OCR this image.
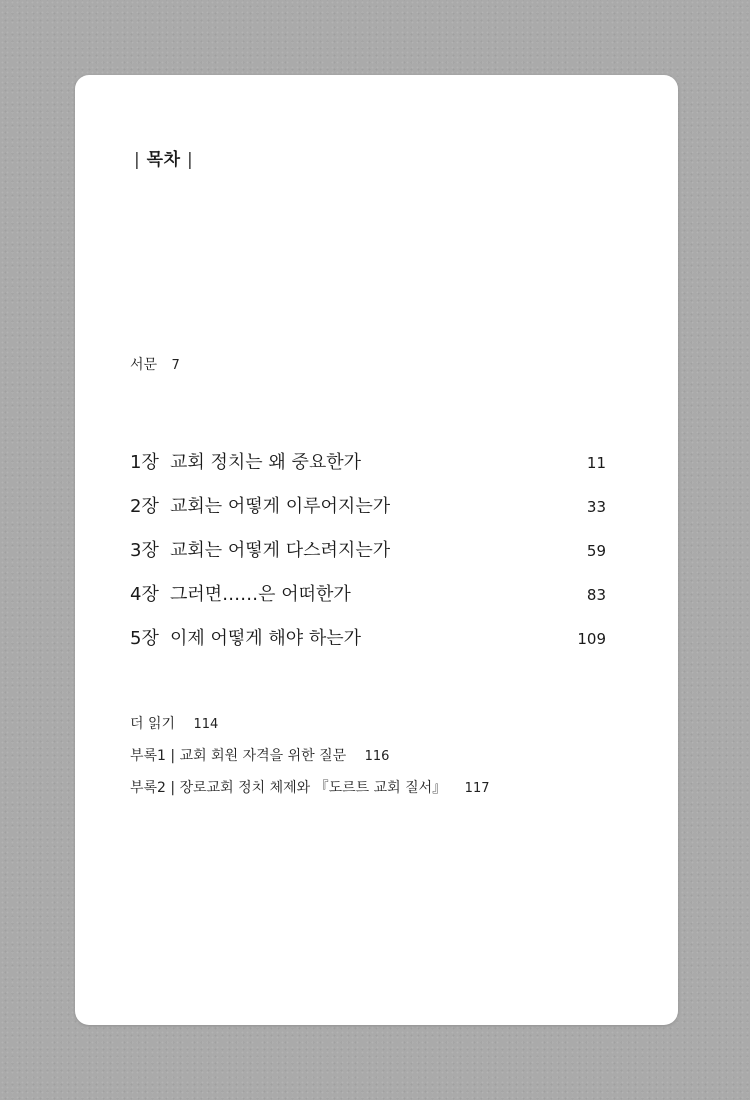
| 목차 |
서문 7
1장 교회 정치는 왜 중요한가	11
2장 교회는 어떻게 이루어지는가	33
3장 교회는 어떻게 다스려지는가	59
4장 그러면……은 어떠한가	83
5장 이제 어떻게 해야 하는가	109
더 읽기 114
부록1 | 교회 회원 자격을 위한 질문 116
부록2 | 장로교회 정치 체제와 『도르트 교회 질서』 117
